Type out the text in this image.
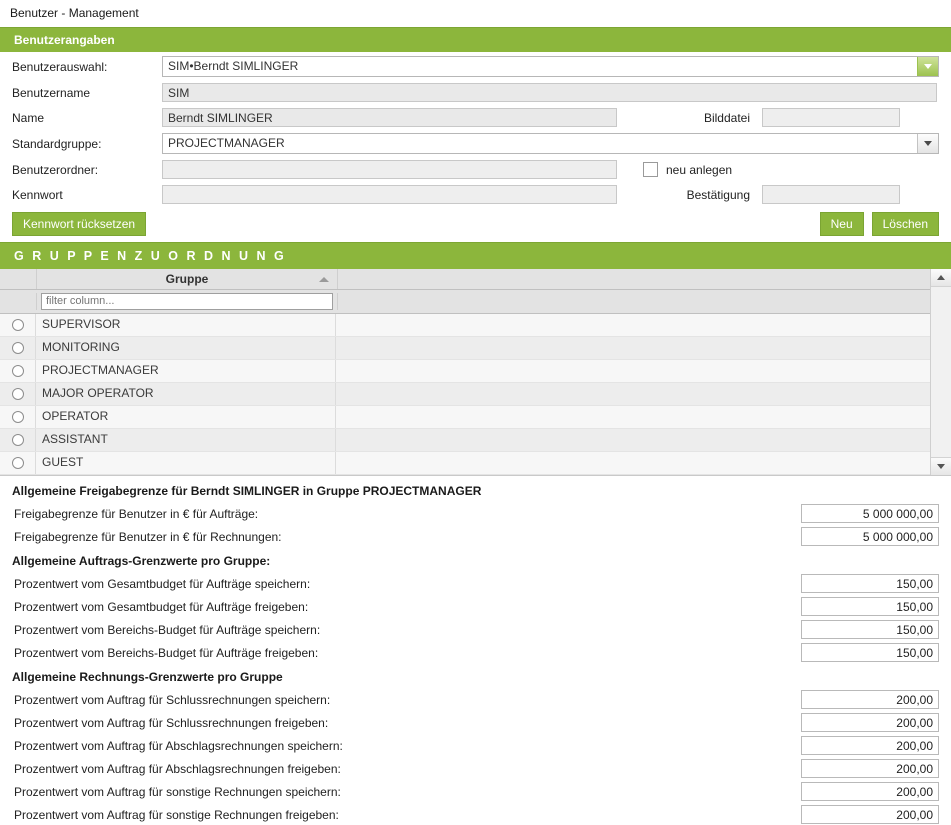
Benutzer - Management
Benutzerangaben
Benutzerauswahl:	SIM•Berndt SIMLINGER
Benutzername	SIM
Name	Berndt SIMLINGER	Bilddatei
Standardgruppe:	PROJECTMANAGER
Benutzerordner:	neu anlegen
Kennwort	Bestätigung
Kennwort rücksetzen	Neu	Löschen
G R U P P E N Z U O R D N U N G
Gruppe
filter column...
SUPERVISOR
MONITORING
PROJECTMANAGER
MAJOR OPERATOR
OPERATOR
ASSISTANT
GUEST
Allgemeine Freigabegrenze für Berndt SIMLINGER in Gruppe PROJECTMANAGER
Freigabegrenze für Benutzer in € für Aufträge:	5 000 000,00
Freigabegrenze für Benutzer in € für Rechnungen:	5 000 000,00
Allgemeine Auftrags-Grenzwerte pro Gruppe:
Prozentwert vom Gesamtbudget für Aufträge speichern:	150,00
Prozentwert vom Gesamtbudget für Aufträge freigeben:	150,00
Prozentwert vom Bereichs-Budget für Aufträge speichern:	150,00
Prozentwert vom Bereichs-Budget für Aufträge freigeben:	150,00
Allgemeine Rechnungs-Grenzwerte pro Gruppe
Prozentwert vom Auftrag für Schlussrechnungen speichern:	200,00
Prozentwert vom Auftrag für Schlussrechnungen freigeben:	200,00
Prozentwert vom Auftrag für Abschlagsrechnungen speichern:	200,00
Prozentwert vom Auftrag für Abschlagsrechnungen freigeben:	200,00
Prozentwert vom Auftrag für sonstige Rechnungen speichern:	200,00
Prozentwert vom Auftrag für sonstige Rechnungen freigeben:	200,00
